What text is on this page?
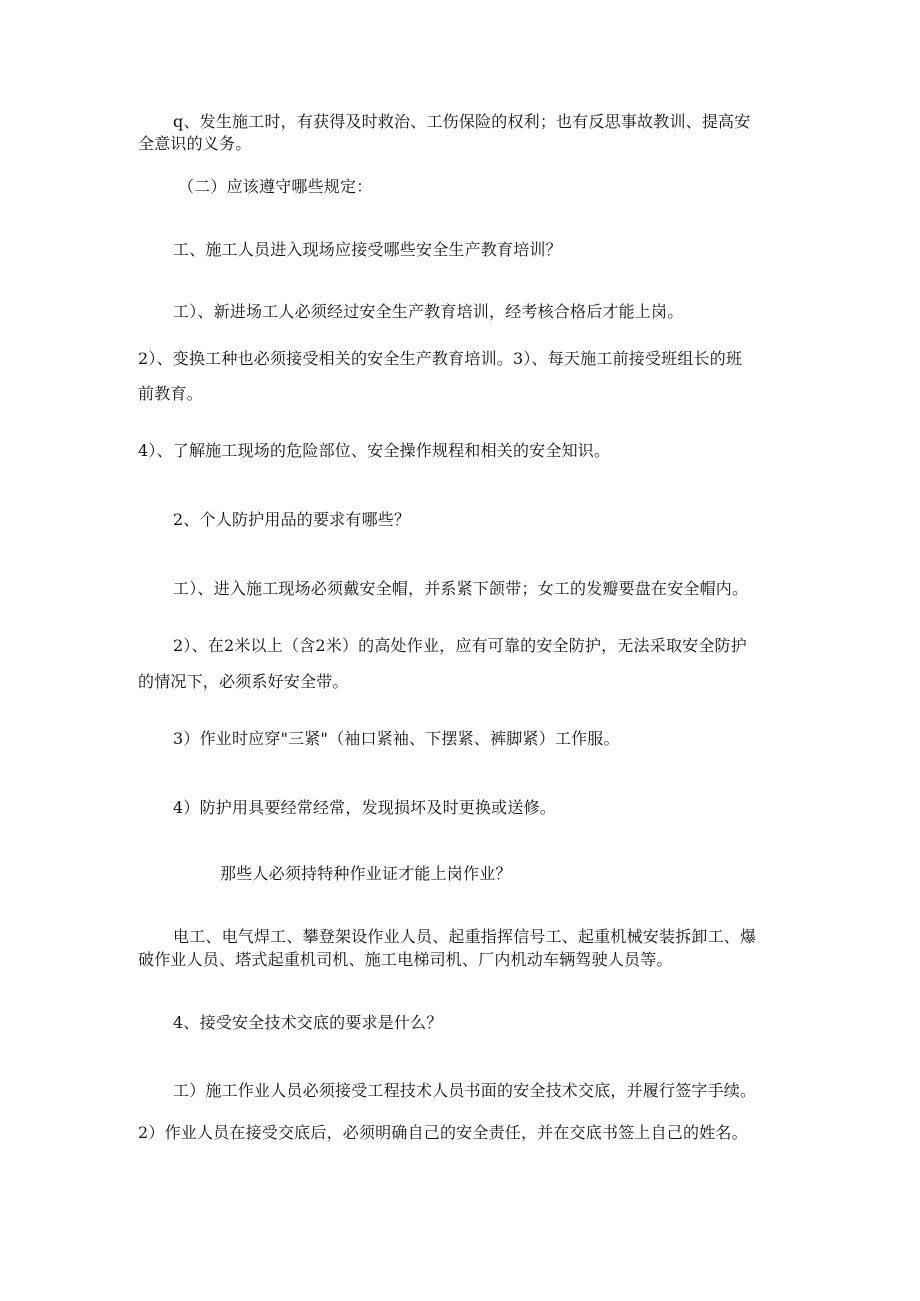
q、发生施工时，有获得及时救治、工伤保险的权利；也有反思事故教训、提高安
全意识的义务。
（二）应该遵守哪些规定：
工、施工人员进入现场应接受哪些安全生产教育培训？
工）、新进场工人必须经过安全生产教育培训，经考核合格后才能上岗。
2）、变换工种也必须接受相关的安全生产教育培训。3）、每天施工前接受班组长的班
前教育。
4）、了解施工现场的危险部位、安全操作规程和相关的安全知识。
2、个人防护用品的要求有哪些？
工）、进入施工现场必须戴安全帽，并系紧下颌带；女工的发瓣要盘在安全帽内。
2）、在2米以上（含2米）的高处作业，应有可靠的安全防护，无法采取安全防护
的情况下，必须系好安全带。
3）作业时应穿"三紧"（袖口紧袖、下摆紧、裤脚紧）工作服。
4）防护用具要经常经常，发现损坏及时更换或送修。
那些人必须持特种作业证才能上岗作业？
电工、电气焊工、攀登架设作业人员、起重指挥信号工、起重机械安装拆卸工、爆
破作业人员、塔式起重机司机、施工电梯司机、厂内机动车辆驾驶人员等。
4、接受安全技术交底的要求是什么？
工）施工作业人员必须接受工程技术人员书面的安全技术交底，并履行签字手续。
2）作业人员在接受交底后，必须明确自己的安全责任，并在交底书签上自己的姓名。
